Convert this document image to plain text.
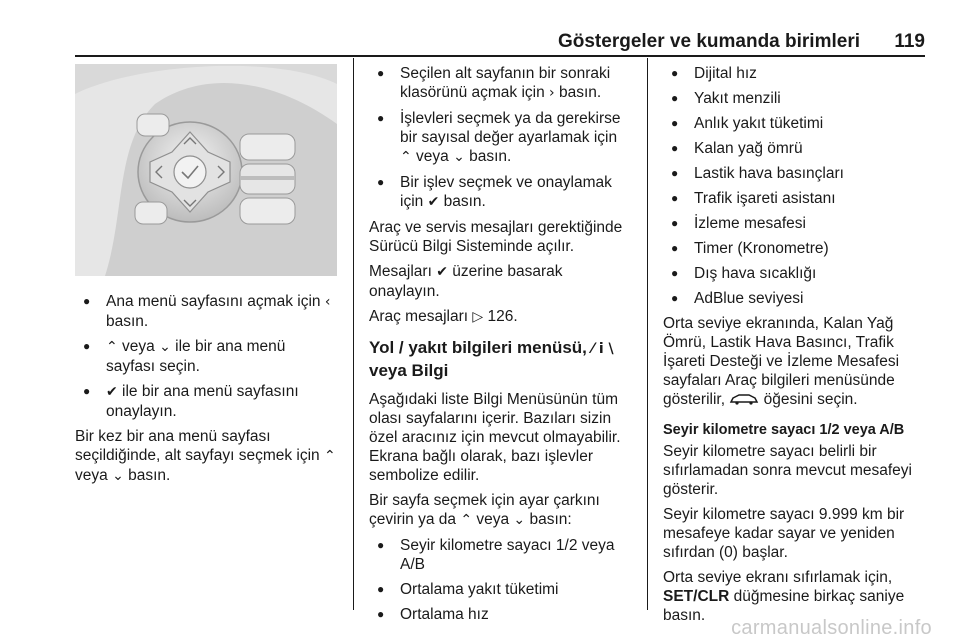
Göstergeler ve kumanda birimleri 119
● Ana menü sayfasını açmak için ‹ basın.
● ⌃ veya ⌄ ile bir ana menü sayfası seçin.
● ✔ ile bir ana menü sayfasını onaylayın.

Bir kez bir ana menü sayfası seçildiğinde, alt sayfayı seçmek için ⌃ veya ⌄ basın.

● Seçilen alt sayfanın bir sonraki klasörünü açmak için › basın.
● İşlevleri seçmek ya da gerekirse bir sayısal değer ayarlamak için ⌃ veya ⌄ basın.
● Bir işlev seçmek ve onaylamak için ✔ basın.

Araç ve servis mesajları gerektiğinde Sürücü Bilgi Sisteminde açılır.

Mesajları ✔ üzerine basarak onaylayın.

Araç mesajları ▷ 126.

Yol / yakıt bilgileri menüsü, ⁄ i \
veya Bilgi

Aşağıdaki liste Bilgi Menüsünün tüm olası sayfalarını içerir. Bazıları sizin özel aracınız için mevcut olmayabilir. Ekrana bağlı olarak, bazı işlevler sembolize edilir.

Bir sayfa seçmek için ayar çarkını çevirin ya da ⌃ veya ⌄ basın:

● Seyir kilometre sayacı 1/2 veya A/B
● Ortalama yakıt tüketimi
● Ortalama hız
● Dijital hız
● Yakıt menzili
● Anlık yakıt tüketimi
● Kalan yağ ömrü
● Lastik hava basınçları
● Trafik işareti asistanı
● İzleme mesafesi
● Timer (Kronometre)
● Dış hava sıcaklığı
● AdBlue seviyesi

Orta seviye ekranında, Kalan Yağ Ömrü, Lastik Hava Basıncı, Trafik İşareti Desteği ve İzleme Mesafesi sayfaları Araç bilgileri menüsünde gösterilir,  öğesini seçin.

Seyir kilometre sayacı 1/2 veya A/B

Seyir kilometre sayacı belirli bir sıfırlamadan sonra mevcut mesafeyi gösterir.

Seyir kilometre sayacı 9.999 km bir mesafeye kadar sayar ve yeniden sıfırdan (0) başlar.

Orta seviye ekranı sıfırlamak için, SET/CLR düğmesine birkaç saniye basın.

carmanualsonline.info
